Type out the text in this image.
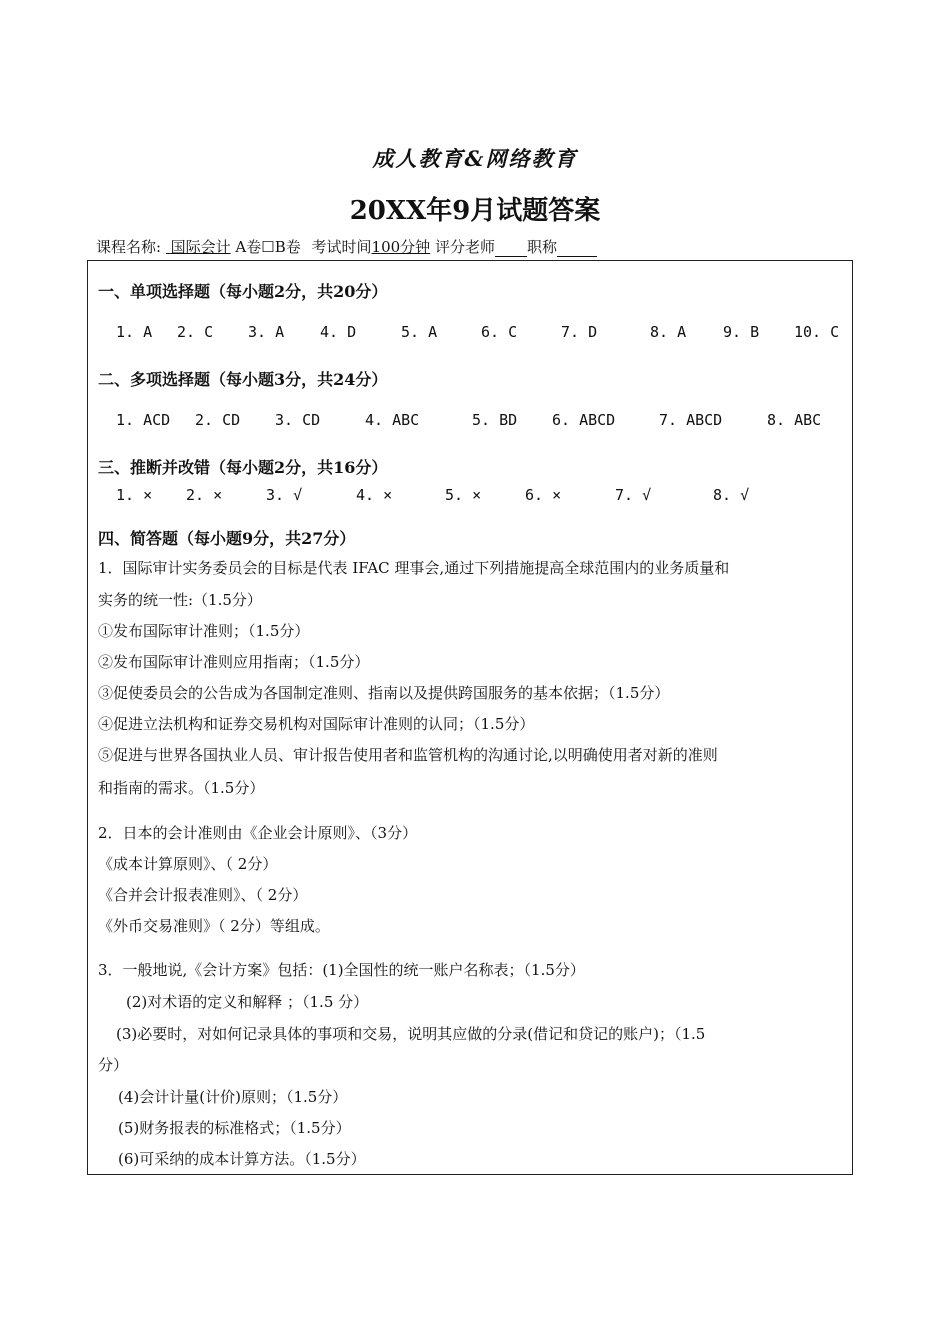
成人教育&网络教育
20XX年9月试题答案
课程名称: 国际会计 A卷☐B卷 考试时间100分钟 评分老师 职称
一、单项选择题（每小题2分，共20分）
1. A 2. C 3. A 4. D	5. A	6. C	7. D	8. A 9. B 10. C
二、多项选择题（每小题3分，共24分）
1. ACD 2. CD 3. CD	4. ABC	5. BD 6. ABCD	7. ABCD	8. ABC
三、推断并改错（每小题2分，共16分）
1. × 2. ×	3. √	4. ×	5. ×	6. ×	7. √	8. √
四、简答题（每小题9分，共27分）
1．国际审计实务委员会的目标是代表 IFAC 理事会,通过下列措施提高全球范围内的业务质量和
实务的统一性:（1.5分）
①发布国际审计准则；（1.5分）
②发布国际审计准则应用指南；（1.5分）
③促使委员会的公告成为各国制定准则、指南以及提供跨国服务的基本依据；（1.5分）
④促进立法机构和证券交易机构对国际审计准则的认同；（1.5分）
⑤促进与世界各国执业人员、审计报告使用者和监管机构的沟通讨论,以明确使用者对新的准则
和指南的需求。（1.5分）
2．日本的会计准则由《企业会计原则》、（3分）
《成本计算原则》、（ 2分）
《合并会计报表准则》、（ 2分）
《外币交易准则》（ 2分）等组成。
3．一般地说,《会计方案》包括：(1)全国性的统一账户名称表；（1.5分）
(2)对术语的定义和解释 ；（1.5 分）
(3)必要时，对如何记录具体的事项和交易，说明其应做的分录(借记和贷记的账户)；（1.5
分）
(4)会计计量(计价)原则；（1.5分）
(5)财务报表的标准格式；（1.5分）
(6)可采纳的成本计算方法。（1.5分）
